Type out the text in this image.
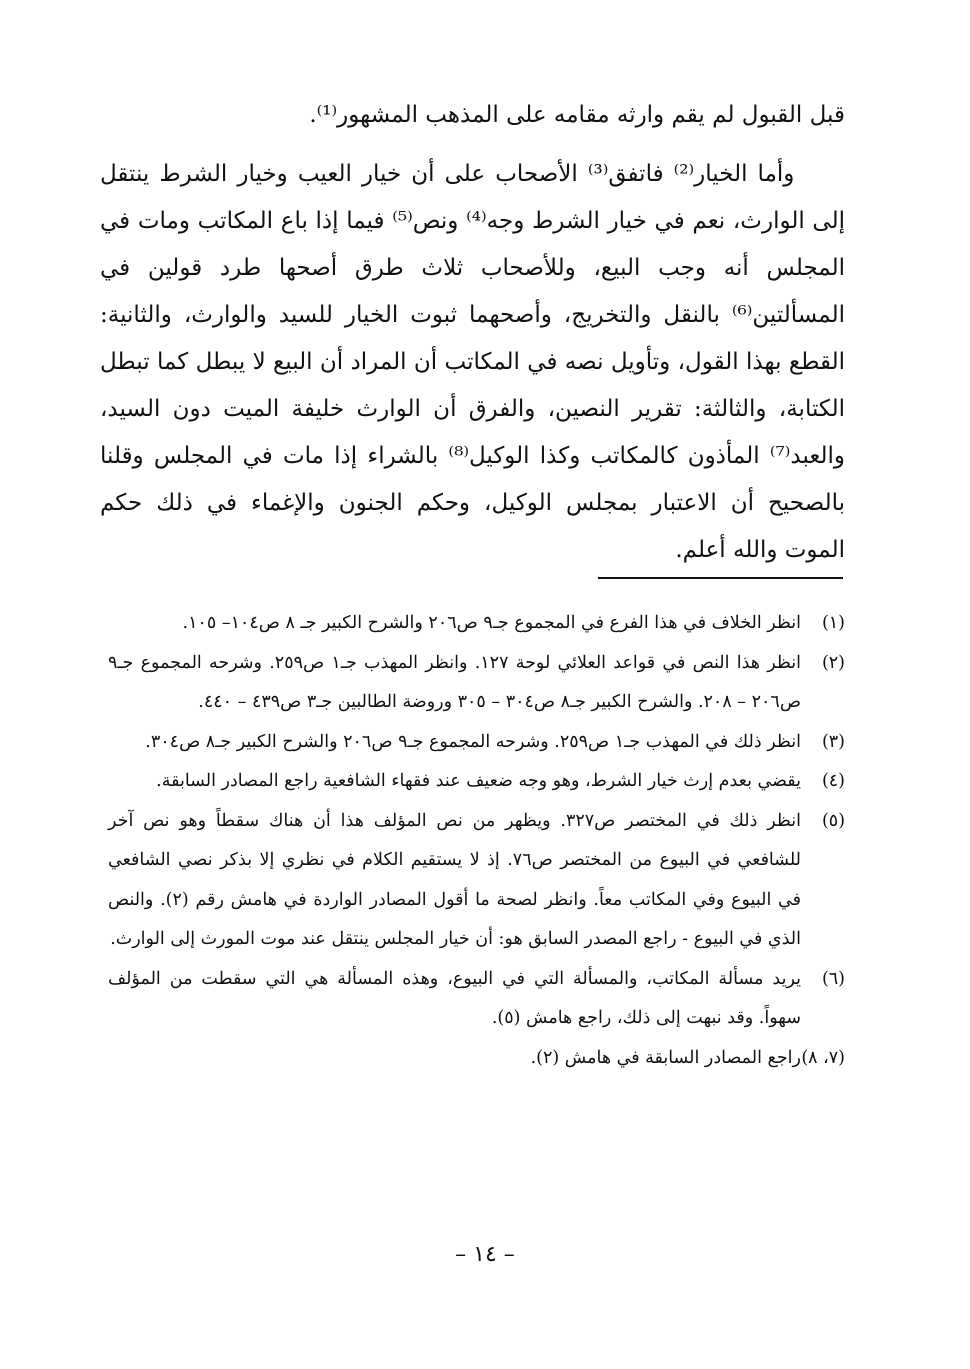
قبل القبول لم يقم وارثه مقامه على المذهب المشهور⁽¹⁾.

وأما الخيار⁽²⁾ فاتفق⁽³⁾ الأصحاب على أن خيار العيب وخيار الشرط ينتقل إلى الوارث، نعم في خيار الشرط وجه⁽⁴⁾ ونص⁽⁵⁾ فيما إذا باع المكاتب ومات في المجلس أنه وجب البيع، وللأصحاب ثلاث طرق أصحها طرد قولين في المسألتين⁽⁶⁾ بالنقل والتخريج، وأصحهما ثبوت الخيار للسيد والوارث، والثانية: القطع بهذا القول، وتأويل نصه في المكاتب أن المراد أن البيع لا يبطل كما تبطل الكتابة، والثالثة: تقرير النصين، والفرق أن الوارث خليفة الميت دون السيد، والعبد⁽⁷⁾ المأذون كالمكاتب وكذا الوكيل⁽⁸⁾ بالشراء إذا مات في المجلس وقلنا بالصحيح أن الاعتبار بمجلس الوكيل، وحكم الجنون والإغماء في ذلك حكم الموت والله أعلم.

(١)انظر الخلاف في هذا الفرع في المجموع جـ٩ ص٢٠٦ والشرح الكبير جـ ٨ ص١٠٤– ١٠٥.

(٢)انظر هذا النص في قواعد العلائي لوحة ١٢٧. وانظر المهذب جـ١ ص٢٥٩. وشرحه المجموع جـ٩ ص٢٠٦ – ٢٠٨. والشرح الكبير جـ٨ ص٣٠٤ – ٣٠٥ وروضة الطالبين جـ٣ ص٤٣٩ – ٤٤٠.

(٣)انظر ذلك في المهذب جـ١ ص٢٥٩. وشرحه المجموع جـ٩ ص٢٠٦ والشرح الكبير جـ٨ ص٣٠٤.

(٤)يقضي بعدم إرث خيار الشرط، وهو وجه ضعيف عند فقهاء الشافعية راجع المصادر السابقة.

(٥)انظر ذلك في المختصر ص٣٢٧. ويظهر من نص المؤلف هذا أن هناك سقطاً وهو نص آخر للشافعي في البيوع من المختصر ص٧٦. إذ لا يستقيم الكلام في نظري إلا بذكر نصي الشافعي في البيوع وفي المكاتب معاً. وانظر لصحة ما أقول المصادر الواردة في هامش رقم (٢). والنص الذي في البيوع - راجع المصدر السابق هو: أن خيار المجلس ينتقل عند موت المورث إلى الوارث.

(٦)يريد مسألة المكاتب، والمسألة التي في البيوع، وهذه المسألة هي التي سقطت من المؤلف سهواً. وقد نبهت إلى ذلك، راجع هامش (٥).

(٧، ٨)راجع المصادر السابقة في هامش (٢).

– ١٤ –
